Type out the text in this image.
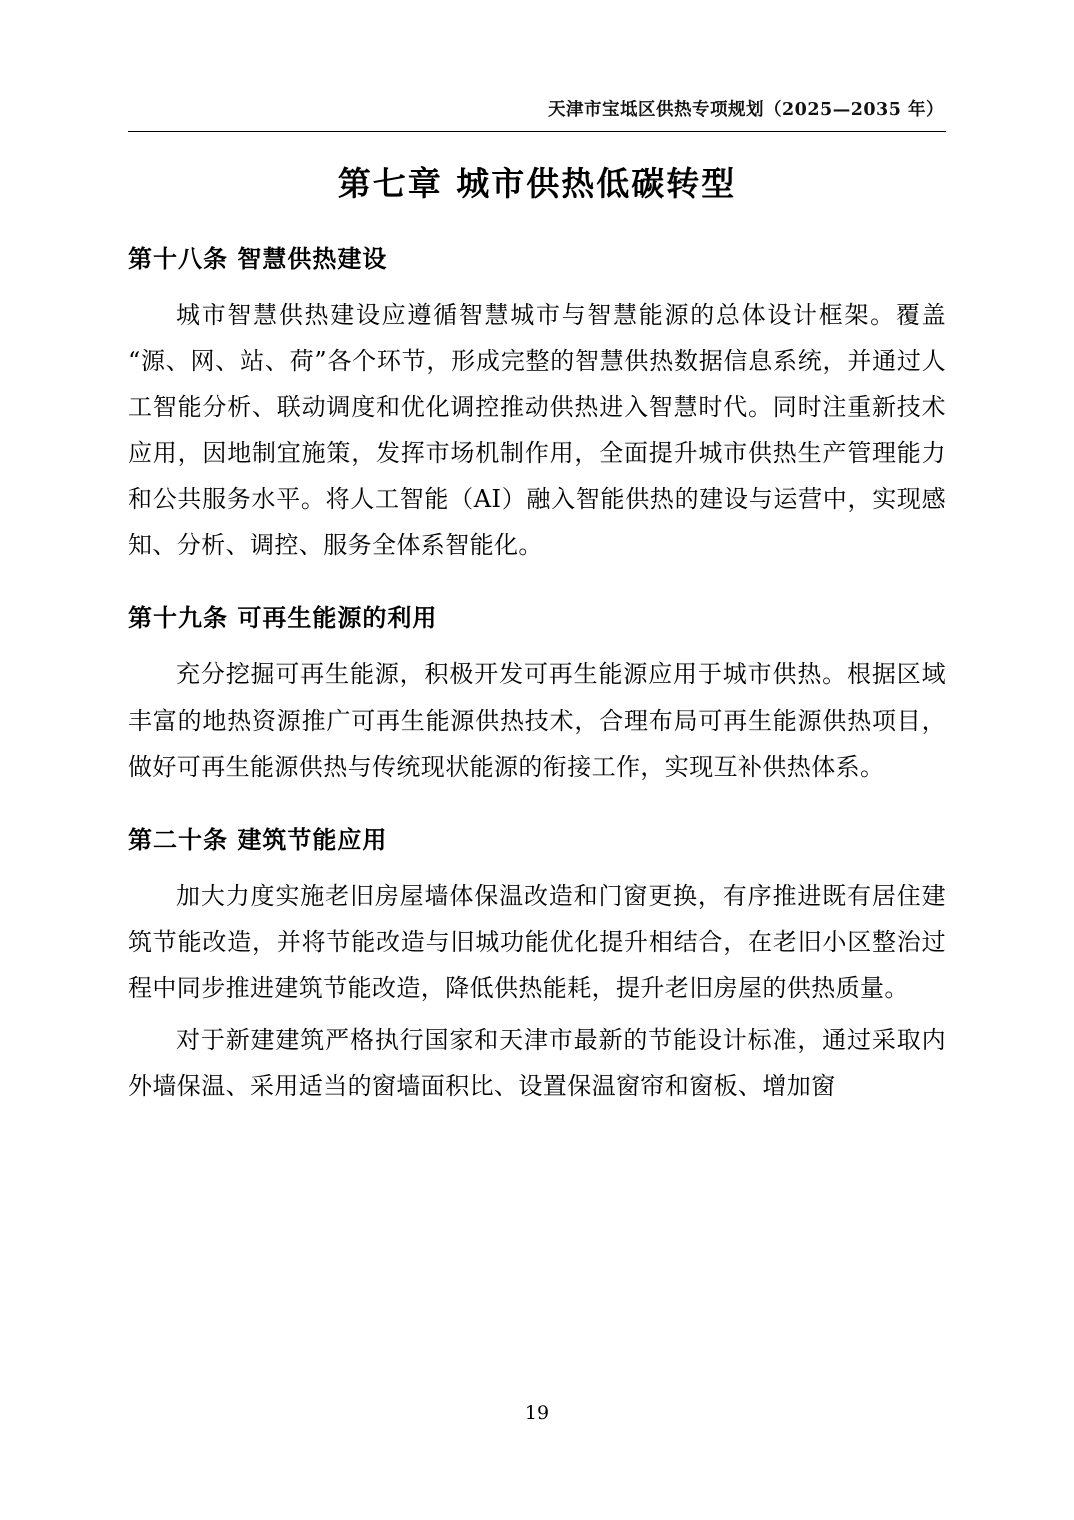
天津市宝坻区供热专项规划（2025—2035 年）
第七章 城市供热低碳转型
第十八条 智慧供热建设

城市智慧供热建设应遵循智慧城市与智慧能源的总体设计框架。覆盖“源、网、站、荷”各个环节，形成完整的智慧供热数据信息系统，并通过人工智能分析、联动调度和优化调控推动供热进入智慧时代。同时注重新技术应用，因地制宜施策，发挥市场机制作用，全面提升城市供热生产管理能力和公共服务水平。将人工智能（AI）融入智能供热的建设与运营中，实现感知、分析、调控、服务全体系智能化。

第十九条 可再生能源的利用

充分挖掘可再生能源，积极开发可再生能源应用于城市供热。根据区域丰富的地热资源推广可再生能源供热技术，合理布局可再生能源供热项目，做好可再生能源供热与传统现状能源的衔接工作，实现互补供热体系。

第二十条 建筑节能应用

加大力度实施老旧房屋墙体保温改造和门窗更换，有序推进既有居住建筑节能改造，并将节能改造与旧城功能优化提升相结合，在老旧小区整治过程中同步推进建筑节能改造，降低供热能耗，提升老旧房屋的供热质量。

对于新建建筑严格执行国家和天津市最新的节能设计标准，通过采取内外墙保温、采用适当的窗墙面积比、设置保温窗帘和窗板、增加窗

19
